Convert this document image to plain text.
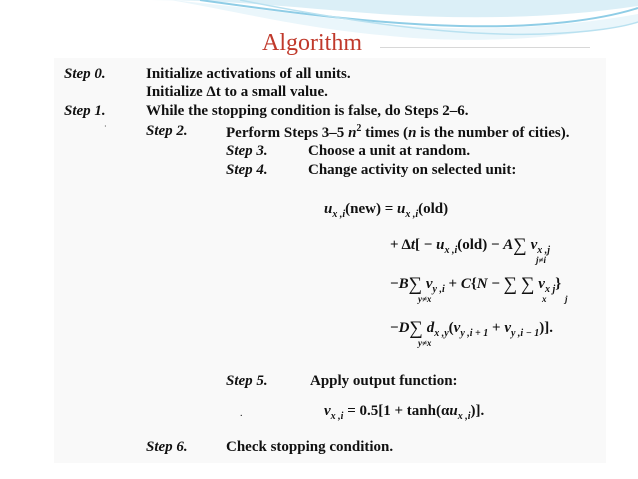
Algorithm
Step 0.	Initialize activations of all units.
Initialize Δt to a small value.
Step 1.	While the stopping condition is false, do Steps 2–6.
·	Step 2.	Perform Steps 3–5 $n^2$ times (n is the number of cities).
Step 3.	Choose a unit at random.
Step 4.	Change activity on selected unit:
$u_{x ,i}(new) = u_{x ,i}(old)$
+ $\Delta t[ - u_{x ,i}(old) - A\sum$ $v_{x ,j}$
j≠i
−B∑ $v_{y ,i} + C\{N$ − ∑ ∑ $v_{x j}$}
y≠x	x j
−D∑ $d_{x ,y}(v_{y ,i}$ $_{+ 1} + v_{y ,i - 1}$)].
y≠x
Step 5.	Apply output function:
.	$v_{x ,i} = 0.5[1 + \tanh(\alpha u_{x ,i})]$.
Step 6.	Check stopping condition.
